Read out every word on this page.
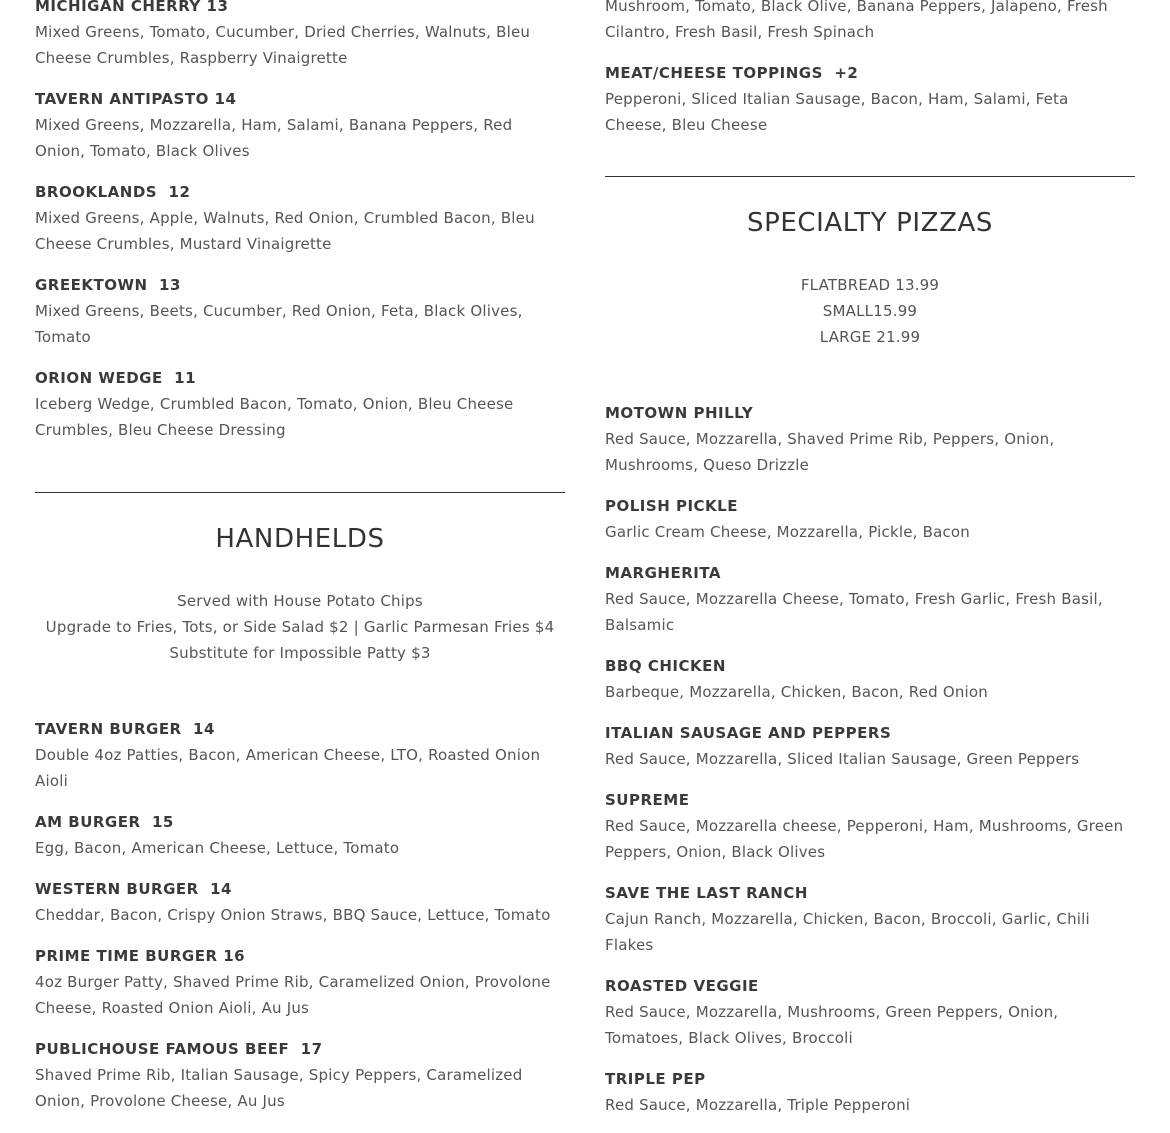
MICHIGAN CHERRY 13
Mixed Greens, Tomato, Cucumber, Dried Cherries, Walnuts, Bleu Cheese Crumbles, Raspberry Vinaigrette
TAVERN ANTIPASTO 14
Mixed Greens, Mozzarella, Ham, Salami, Banana Peppers, Red Onion, Tomato, Black Olives
BROOKLANDS  12
Mixed Greens, Apple, Walnuts, Red Onion, Crumbled Bacon, Bleu Cheese Crumbles, Mustard Vinaigrette
GREEKTOWN  13
Mixed Greens, Beets, Cucumber, Red Onion, Feta, Black Olives, Tomato
ORION WEDGE  11
Iceberg Wedge, Crumbled Bacon, Tomato, Onion, Bleu Cheese Crumbles, Bleu Cheese Dressing
HANDHELDS
Served with House Potato Chips
Upgrade to Fries, Tots, or Side Salad $2 | Garlic Parmesan Fries $4
Substitute for Impossible Patty $3
TAVERN BURGER  14
Double 4oz Patties, Bacon, American Cheese, LTO, Roasted Onion Aioli
AM BURGER  15
Egg, Bacon, American Cheese, Lettuce, Tomato
WESTERN BURGER  14
Cheddar, Bacon, Crispy Onion Straws, BBQ Sauce, Lettuce, Tomato
PRIME TIME BURGER 16
4oz Burger Patty, Shaved Prime Rib, Caramelized Onion, Provolone Cheese, Roasted Onion Aioli, Au Jus
PUBLICHOUSE FAMOUS BEEF  17
Shaved Prime Rib, Italian Sausage, Spicy Peppers, Caramelized Onion, Provolone Cheese, Au Jus
Mushroom, Tomato, Black Olive, Banana Peppers, Jalapeno, Fresh Cilantro, Fresh Basil, Fresh Spinach
MEAT/CHEESE TOPPINGS  +2
Pepperoni, Sliced Italian Sausage, Bacon, Ham, Salami, Feta Cheese, Bleu Cheese
SPECIALTY PIZZAS
FLATBREAD 13.99
SMALL15.99
LARGE 21.99
MOTOWN PHILLY
Red Sauce, Mozzarella, Shaved Prime Rib, Peppers, Onion, Mushrooms, Queso Drizzle
POLISH PICKLE
Garlic Cream Cheese, Mozzarella, Pickle, Bacon
MARGHERITA
Red Sauce, Mozzarella Cheese, Tomato, Fresh Garlic, Fresh Basil, Balsamic
BBQ CHICKEN
Barbeque, Mozzarella, Chicken, Bacon, Red Onion
ITALIAN SAUSAGE AND PEPPERS
Red Sauce, Mozzarella, Sliced Italian Sausage, Green Peppers
SUPREME
Red Sauce, Mozzarella cheese, Pepperoni, Ham, Mushrooms, Green Peppers, Onion, Black Olives
SAVE THE LAST RANCH
Cajun Ranch, Mozzarella, Chicken, Bacon, Broccoli, Garlic, Chili Flakes
ROASTED VEGGIE
Red Sauce, Mozzarella, Mushrooms, Green Peppers, Onion, Tomatoes, Black Olives, Broccoli
TRIPLE PEP
Red Sauce, Mozzarella, Triple Pepperoni
